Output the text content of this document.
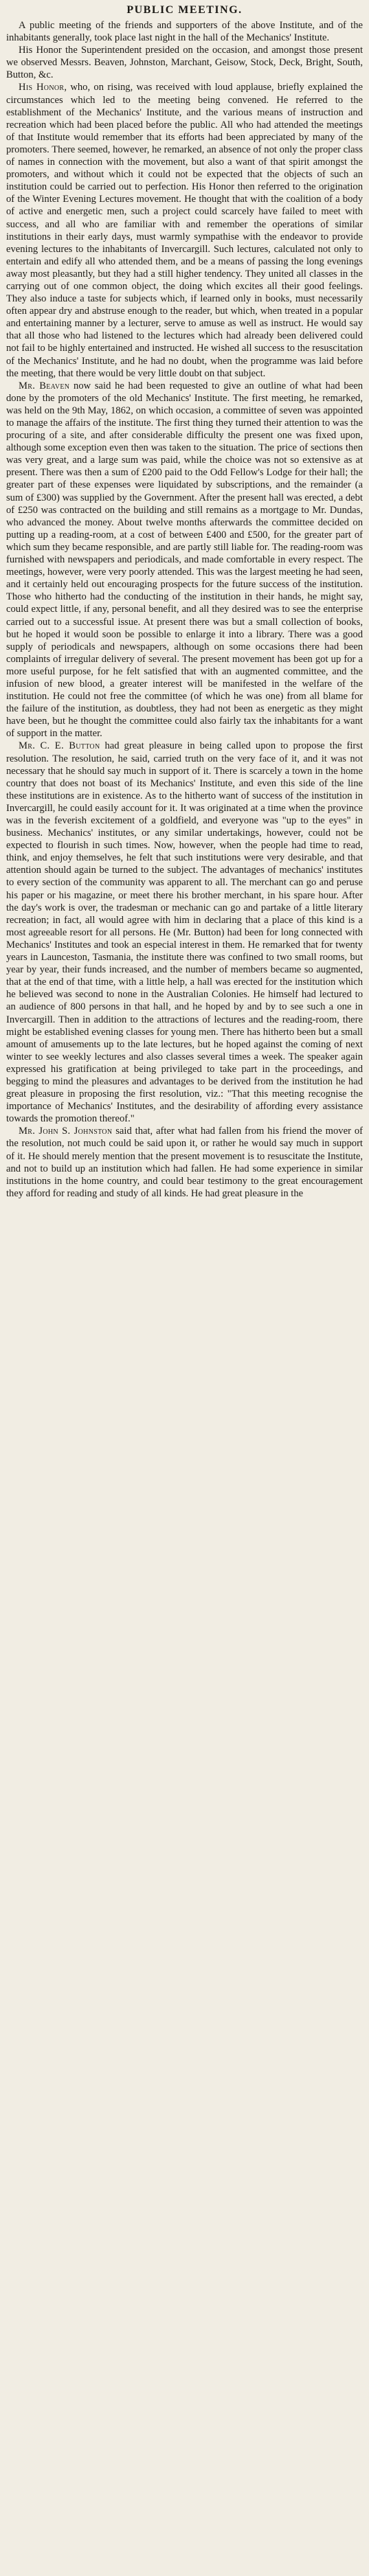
PUBLIC MEETING.

A public meeting of the friends and supporters of the above Institute, and of the inhabitants generally, took place last night in the hall of the Mechanics' Institute.

His Honor the Superintendent presided on the occasion, and amongst those present we observed Messrs. Beaven, Johnston, Marchant, Geisow, Stock, Deck, Bright, South, Button, &c.

His Honor, who, on rising, was received with loud applause, briefly explained the circumstances which led to the meeting being convened. He referred to the establishment of the Mechanics' Institute, and the various means of instruction and recreation which had been placed before the public. All who had attended the meetings of that Institute would remember that its efforts had been appreciated by many of the promoters. There seemed, however, he remarked, an absence of not only the proper class of names in connection with the movement, but also a want of that spirit amongst the promoters, and without which it could not be expected that the objects of such an institution could be carried out to perfection. His Honor then referred to the origination of the Winter Evening Lectures movement. He thought that with the coalition of a body of active and energetic men, such a project could scarcely have failed to meet with success, and all who are familiar with and remember the operations of similar institutions in their early days, must warmly sympathise with the endeavor to provide evening lectures to the inhabitants of Invercargill. Such lectures, calculated not only to entertain and edify all who attended them, and be a means of passing the long evenings away most pleasantly, but they had a still higher tendency. They united all classes in the carrying out of one common object, the doing which excites all their good feelings. They also induce a taste for subjects which, if learned only in books, must necessarily often appear dry and abstruse enough to the reader, but which, when treated in a popular and entertaining manner by a lecturer, serve to amuse as well as instruct. He would say that all those who had listened to the lectures which had already been delivered could not fail to be highly entertained and instructed. He wished all success to the resuscitation of the Mechanics' Institute, and he had no doubt, when the programme was laid before the meeting, that there would be very little doubt on that subject.

Mr. Beaven now said he had been requested to give an outline of what had been done by the promoters of the old Mechanics' Institute. The first meeting, he remarked, was held on the 9th May, 1862, on which occasion, a committee of seven was appointed to manage the affairs of the institute. The first thing they turned their attention to was the procuring of a site, and after considerable difficulty the present one was fixed upon, although some exception even then was taken to the situation. The price of sections then was very great, and a large sum was paid, while the choice was not so extensive as at present. There was then a sum of £200 paid to the Odd Fellow's Lodge for their hall; the greater part of these expenses were liquidated by subscriptions, and the remainder (a sum of £300) was supplied by the Government. After the present hall was erected, a debt of £250 was contracted on the building and still remains as a mortgage to Mr. Dundas, who advanced the money. About twelve months afterwards the committee decided on putting up a reading-room, at a cost of between £400 and £500, for the greater part of which sum they became responsible, and are partly still liable for. The reading-room was furnished with newspapers and periodicals, and made comfortable in every respect. The meetings, however, were very poorly attended. This was the largest meeting he had seen, and it certainly held out encouraging prospects for the future success of the institution. Those who hitherto had the conducting of the institution in their hands, he might say, could expect little, if any, personal benefit, and all they desired was to see the enterprise carried out to a successful issue. At present there was but a small collection of books, but he hoped it would soon be possible to enlarge it into a library. There was a good supply of periodicals and newspapers, although on some occasions there had been complaints of irregular delivery of several. The present movement has been got up for a more useful purpose, for he felt satisfied that with an augmented committee, and the infusion of new blood, a greater interest will be manifested in the welfare of the institution. He could not free the committee (of which he was one) from all blame for the failure of the institution, as doubtless, they had not been as energetic as they might have been, but he thought the committee could also fairly tax the inhabitants for a want of support in the matter.

Mr. C. E. Button had great pleasure in being called upon to propose the first resolution. The resolution, he said, carried truth on the very face of it, and it was not necessary that he should say much in support of it. There is scarcely a town in the home country that does not boast of its Mechanics' Institute, and even this side of the line these institutions are in existence. As to the hitherto want of success of the institution in Invercargill, he could easily account for it. It was originated at a time when the province was in the feverish excitement of a goldfield, and everyone was "up to the eyes" in business. Mechanics' institutes, or any similar undertakings, however, could not be expected to flourish in such times. Now, however, when the people had time to read, think, and enjoy themselves, he felt that such institutions were very desirable, and that attention should again be turned to the subject. The advantages of mechanics' institutes to every section of the community was apparent to all. The merchant can go and peruse his paper or his magazine, or meet there his brother merchant, in his spare hour. After the day's work is over, the tradesman or mechanic can go and partake of a little literary recreation; in fact, all would agree with him in declaring that a place of this kind is a most agreeable resort for all persons. He (Mr. Button) had been for long connected with Mechanics' Institutes and took an especial interest in them. He remarked that for twenty years in Launceston, Tasmania, the institute there was confined to two small rooms, but year by year, their funds increased, and the number of members became so augmented, that at the end of that time, with a little help, a hall was erected for the institution which he believed was second to none in the Australian Colonies. He himself had lectured to an audience of 800 persons in that hall, and he hoped by and by to see such a one in Invercargill. Then in addition to the attractions of lectures and the reading-room, there might be established evening classes for young men. There has hitherto been but a small amount of amusements up to the late lectures, but he hoped against the coming of next winter to see weekly lectures and also classes several times a week. The speaker again expressed his gratification at being privileged to take part in the proceedings, and begging to mind the pleasures and advantages to be derived from the institution he had great pleasure in proposing the first resolution, viz.: "That this meeting recognise the importance of Mechanics' Institutes, and the desirability of affording every assistance towards the promotion thereof."

Mr. John S. Johnston said that, after what had fallen from his friend the mover of the resolution, not much could be said upon it, or rather he would say much in support of it. He should merely mention that the present movement is to resuscitate the Institute, and not to build up an institution which had fallen. He had some experience in similar institutions in the home country, and could bear testimony to the great encouragement they afford for reading and study of all kinds. He had great pleasure in the
